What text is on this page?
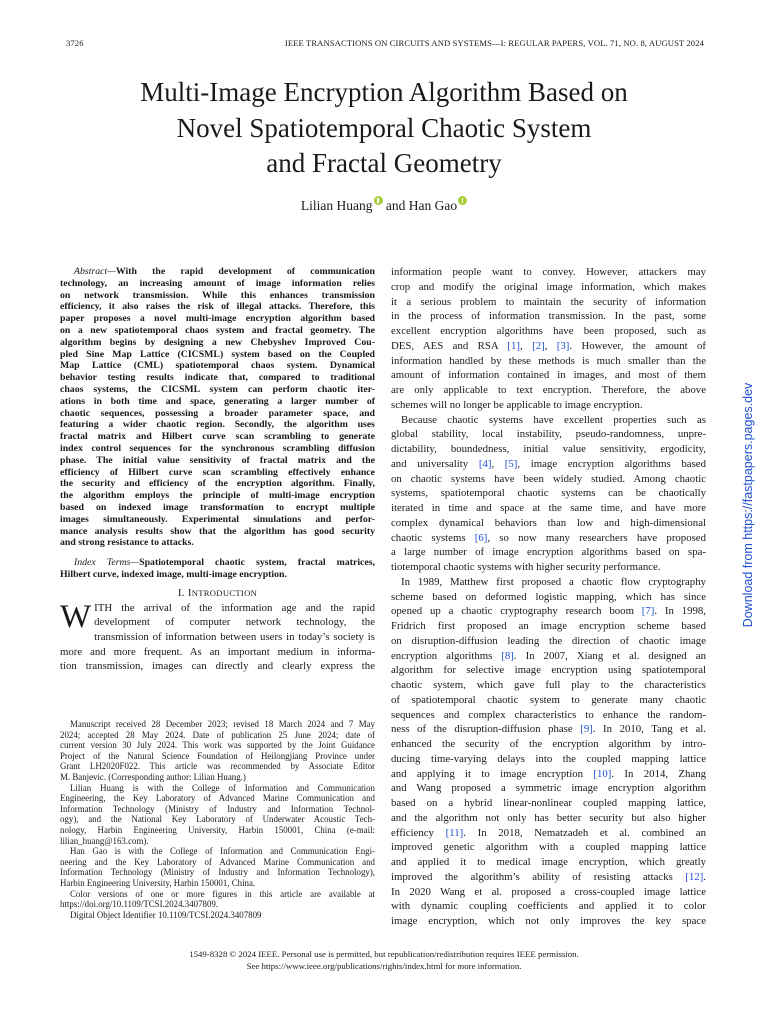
3726	IEEE TRANSACTIONS ON CIRCUITS AND SYSTEMS—I: REGULAR PAPERS, VOL. 71, NO. 8, AUGUST 2024
Multi-Image Encryption Algorithm Based on
Novel Spatiotemporal Chaotic System
and Fractal Geometry
Lilian Huang and Han Gao
Abstract—With the rapid development of communication
technology, an increasing amount of image information relies
on network transmission. While this enhances transmission
efficiency, it also raises the risk of illegal attacks. Therefore, this
paper proposes a novel multi-image encryption algorithm based
on a new spatiotemporal chaos system and fractal geometry. The
algorithm begins by designing a new Chebyshev Improved Cou-
pled Sine Map Lattice (CICSML) system based on the Coupled
Map Lattice (CML) spatiotemporal chaos system. Dynamical
behavior testing results indicate that, compared to traditional
chaos systems, the CICSML system can perform chaotic iter-
ations in both time and space, generating a larger number of
chaotic sequences, possessing a broader parameter space, and
featuring a wider chaotic region. Secondly, the algorithm uses
fractal matrix and Hilbert curve scan scrambling to generate
index control sequences for the synchronous scrambling diffusion
phase. The initial value sensitivity of fractal matrix and the
efficiency of Hilbert curve scan scrambling effectively enhance
the security and efficiency of the encryption algorithm. Finally,
the algorithm employs the principle of multi-image encryption
based on indexed image transformation to encrypt multiple
images simultaneously. Experimental simulations and perfor-
mance analysis results show that the algorithm has good security
and strong resistance to attacks.
Index Terms—Spatiotemporal chaotic system, fractal matrices,
Hilbert curve, indexed image, multi-image encryption.
I. INTRODUCTION
W ITH the arrival of the information age and the rapid
development of computer network technology, the
transmission of information between users in today’s society is
more and more frequent. As an important medium in informa-
tion transmission, images can directly and clearly express the
Manuscript received 28 December 2023; revised 18 March 2024 and 7 May
2024; accepted 28 May 2024. Date of publication 25 June 2024; date of
current version 30 July 2024. This work was supported by the Joint Guidance
Project of the Natural Science Foundation of Heilongjiang Province under
Grant LH2020F022. This article was recommended by Associate Editor
M. Banjevic. (Corresponding author: Lilian Huang.)
Lilian Huang is with the College of Information and Communication
Engineering, the Key Laboratory of Advanced Marine Communication and
Information Technology (Ministry of Industry and Information Technol-
ogy), and the National Key Laboratory of Underwater Acoustic Tech-
nology, Harbin Engineering University, Harbin 150001, China (e-mail:
lilian_huang@163.com).
Han Gao is with the College of Information and Communication Engi-
neering and the Key Laboratory of Advanced Marine Communication and
Information Technology (Ministry of Industry and Information Technology),
Harbin Engineering University, Harbin 150001, China.
Color versions of one or more figures in this article are available at
https://doi.org/10.1109/TCSI.2024.3407809.
Digital Object Identifier 10.1109/TCSI.2024.3407809
information people want to convey. However, attackers may
crop and modify the original image information, which makes
it a serious problem to maintain the security of information
in the process of information transmission. In the past, some
excellent encryption algorithms have been proposed, such as
DES, AES and RSA [1], [2], [3]. However, the amount of
information handled by these methods is much smaller than the
amount of information contained in images, and most of them
are only applicable to text encryption. Therefore, the above
schemes will no longer be applicable to image encryption.
Because chaotic systems have excellent properties such as
global stability, local instability, pseudo-randomness, unpre-
dictability, boundedness, initial value sensitivity, ergodicity,
and universality [4], [5], image encryption algorithms based
on chaotic systems have been widely studied. Among chaotic
systems, spatiotemporal chaotic systems can be chaotically
iterated in time and space at the same time, and have more
complex dynamical behaviors than low and high-dimensional
chaotic systems [6], so now many researchers have proposed
a large number of image encryption algorithms based on spa-
tiotemporal chaotic systems with higher security performance.
In 1989, Matthew first proposed a chaotic flow cryptography
scheme based on deformed logistic mapping, which has since
opened up a chaotic cryptography research boom [7]. In 1998,
Fridrich first proposed an image encryption scheme based
on disruption-diffusion leading the direction of chaotic image
encryption algorithms [8]. In 2007, Xiang et al. designed an
algorithm for selective image encryption using spatiotemporal
chaotic system, which gave full play to the characteristics
of spatiotemporal chaotic system to generate many chaotic
sequences and complex characteristics to enhance the random-
ness of the disruption-diffusion phase [9]. In 2010, Tang et al.
enhanced the security of the encryption algorithm by intro-
ducing time-varying delays into the coupled mapping lattice
and applying it to image encryption [10]. In 2014, Zhang
and Wang proposed a symmetric image encryption algorithm
based on a hybrid linear-nonlinear coupled mapping lattice,
and the algorithm not only has better security but also higher
efficiency [11]. In 2018, Nematzadeh et al. combined an
improved genetic algorithm with a coupled mapping lattice
and applied it to medical image encryption, which greatly
improved the algorithm’s ability of resisting attacks [12].
In 2020 Wang et al. proposed a cross-coupled image lattice
with dynamic coupling coefficients and applied it to color
image encryption, which not only improves the key space
1549-8328 © 2024 IEEE. Personal use is permitted, but republication/redistribution requires IEEE permission.
See https://www.ieee.org/publications/rights/index.html for more information.
Download from https://fastpapers.pages.dev
